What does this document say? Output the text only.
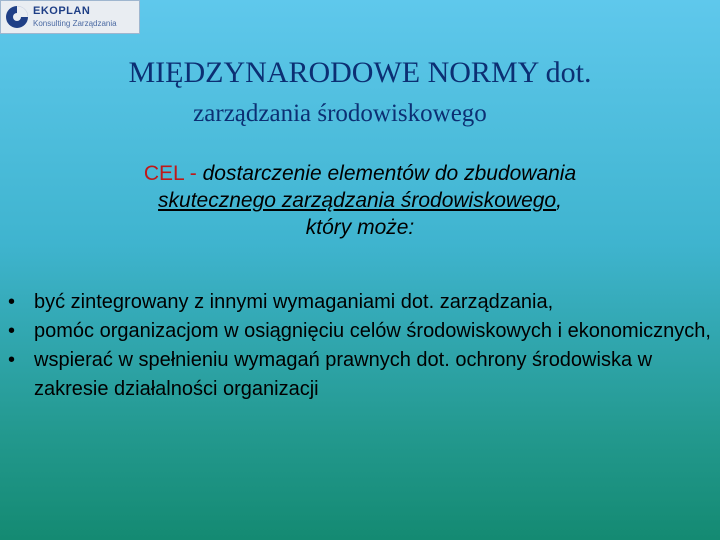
EKOPLAN
Konsulting Zarządzania
MIĘDZYNARODOWE NORMY dot.
zarządzania środowiskowego
CEL - dostarczenie elementów do zbudowania
skutecznego zarządzania środowiskowego,
który może:
• być zintegrowany z innymi wymaganiami dot. zarządzania,
• pomóc organizacjom w osiągnięciu celów środowiskowych i ekonomicznych,
• wspierać w spełnieniu wymagań prawnych dot. ochrony środowiska w zakresie działalności organizacji
